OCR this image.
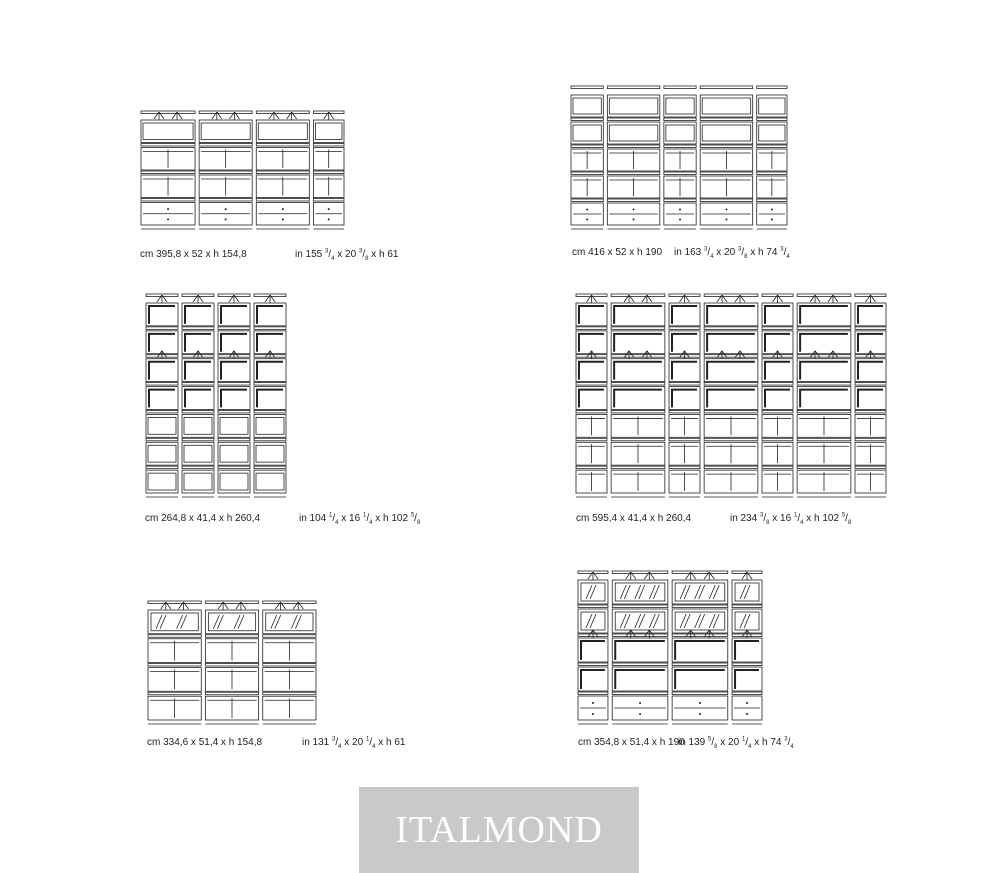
cm 395,8 x 52 x h 154,8	in 155 $^3/_4$ x 20 $^3/_8$ x h 61	cm 416 x 52 x h 190 in 163 $^3/_4$ x 20 $^3/_8$ x h 74 $^3/_4$
cm 264,8 x 41,4 x h 260,4	in 104 $^1/_4$ x 16 $^1/_4$ x h 102 $^5/_8$	cm 595,4 x 41,4 x h 260,4	in 234 $^3/_8$ x 16 $^1/_4$ x h 102 $^5/_8$
cm 334,6 x 51,4 x h 154,8	in 131 $^3/_4$ x 20 $^1/_4$ x h 61	cm 354,8 x 51,4 x h 190
in 139 $^5/_8$ x 20 $^1/_4$ x h 74 $^3/_4$
ITALMOND
